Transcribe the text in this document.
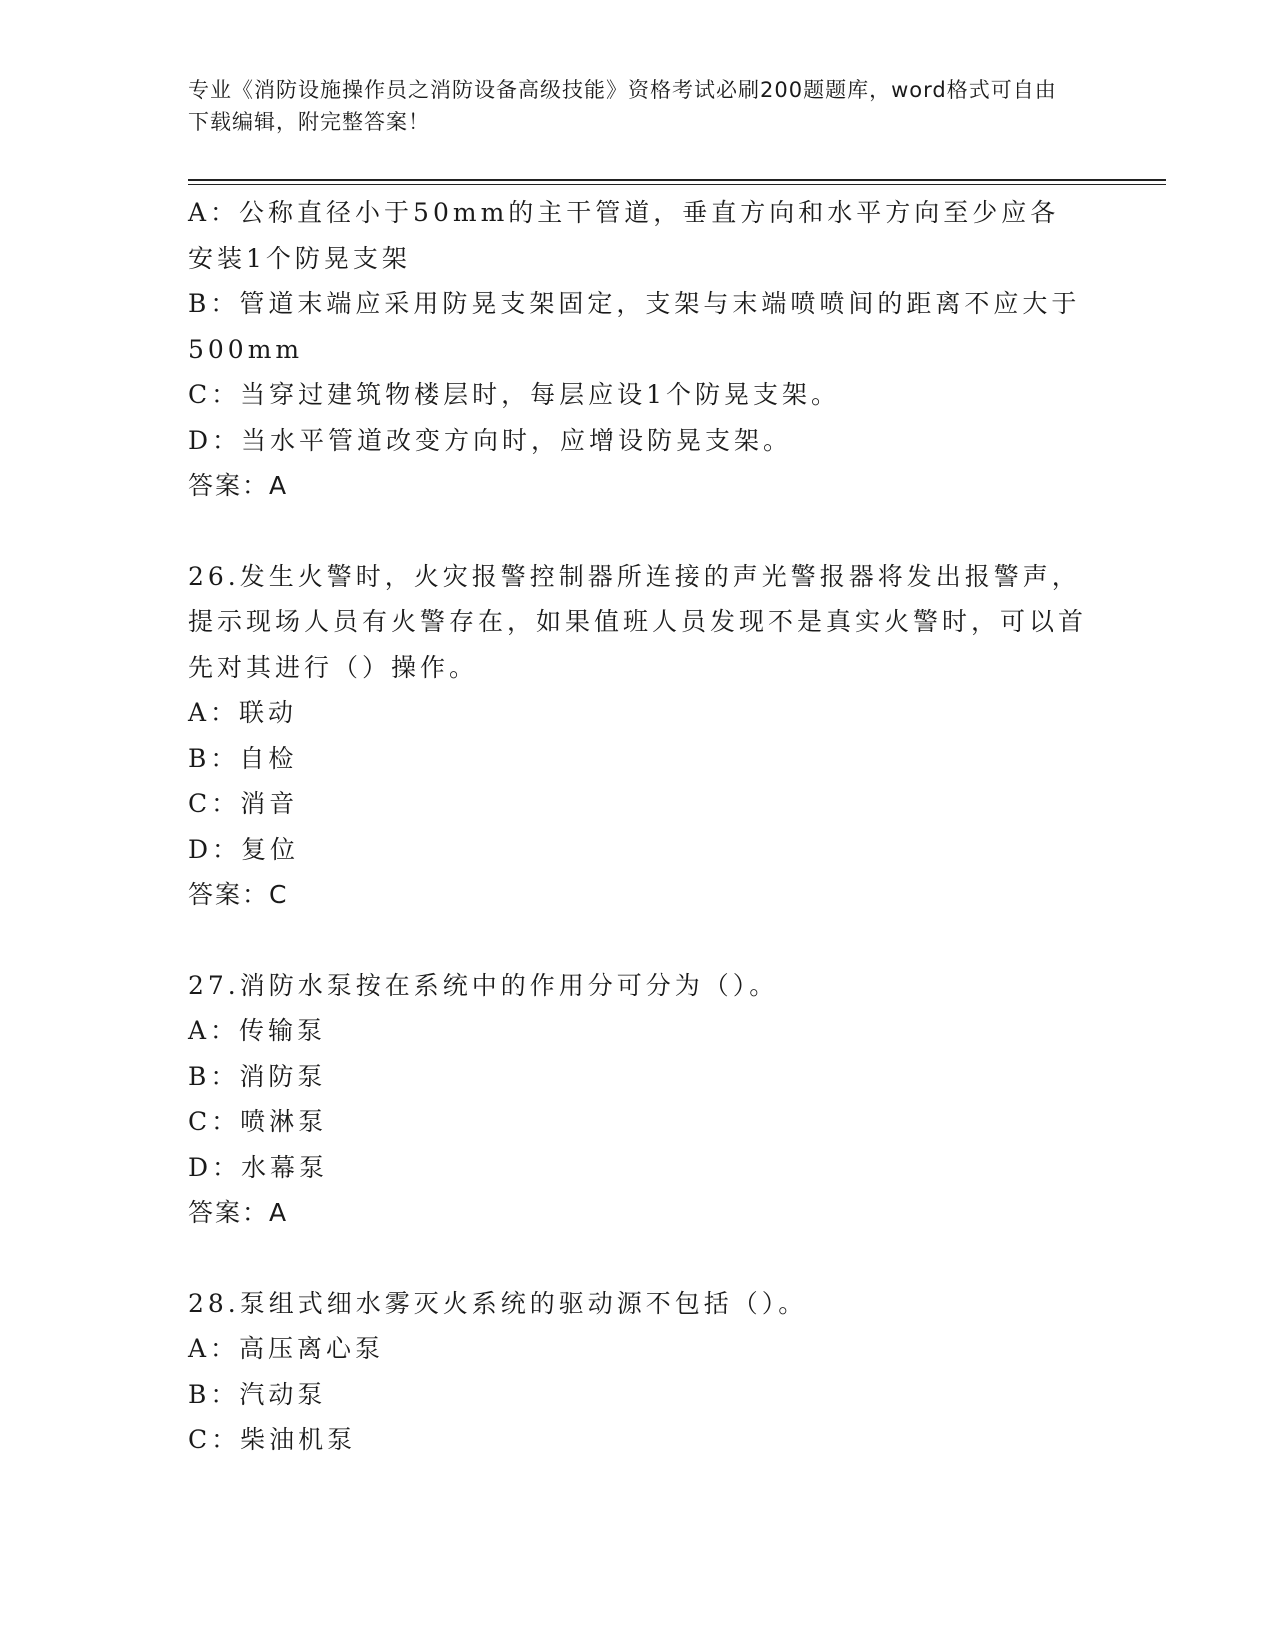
专业《消防设施操作员之消防设备高级技能》资格考试必刷200题题库，word格式可自由下载编辑，附完整答案！
A：公称直径小于50mm的主干管道，垂直方向和水平方向至少应各安装1个防晃支架
B：管道末端应采用防晃支架固定，支架与末端喷喷间的距离不应大于500mm
C：当穿过建筑物楼层时，每层应设1个防晃支架。
D：当水平管道改变方向时，应增设防晃支架。
答案：A
26.发生火警时，火灾报警控制器所连接的声光警报器将发出报警声，提示现场人员有火警存在，如果值班人员发现不是真实火警时，可以首先对其进行（）操作。
A：联动
B：自检
C：消音
D：复位
答案：C
27.消防水泵按在系统中的作用分可分为（）。
A：传输泵
B：消防泵
C：喷淋泵
D：水幕泵
答案：A
28.泵组式细水雾灭火系统的驱动源不包括（）。
A：高压离心泵
B：汽动泵
C：柴油机泵
